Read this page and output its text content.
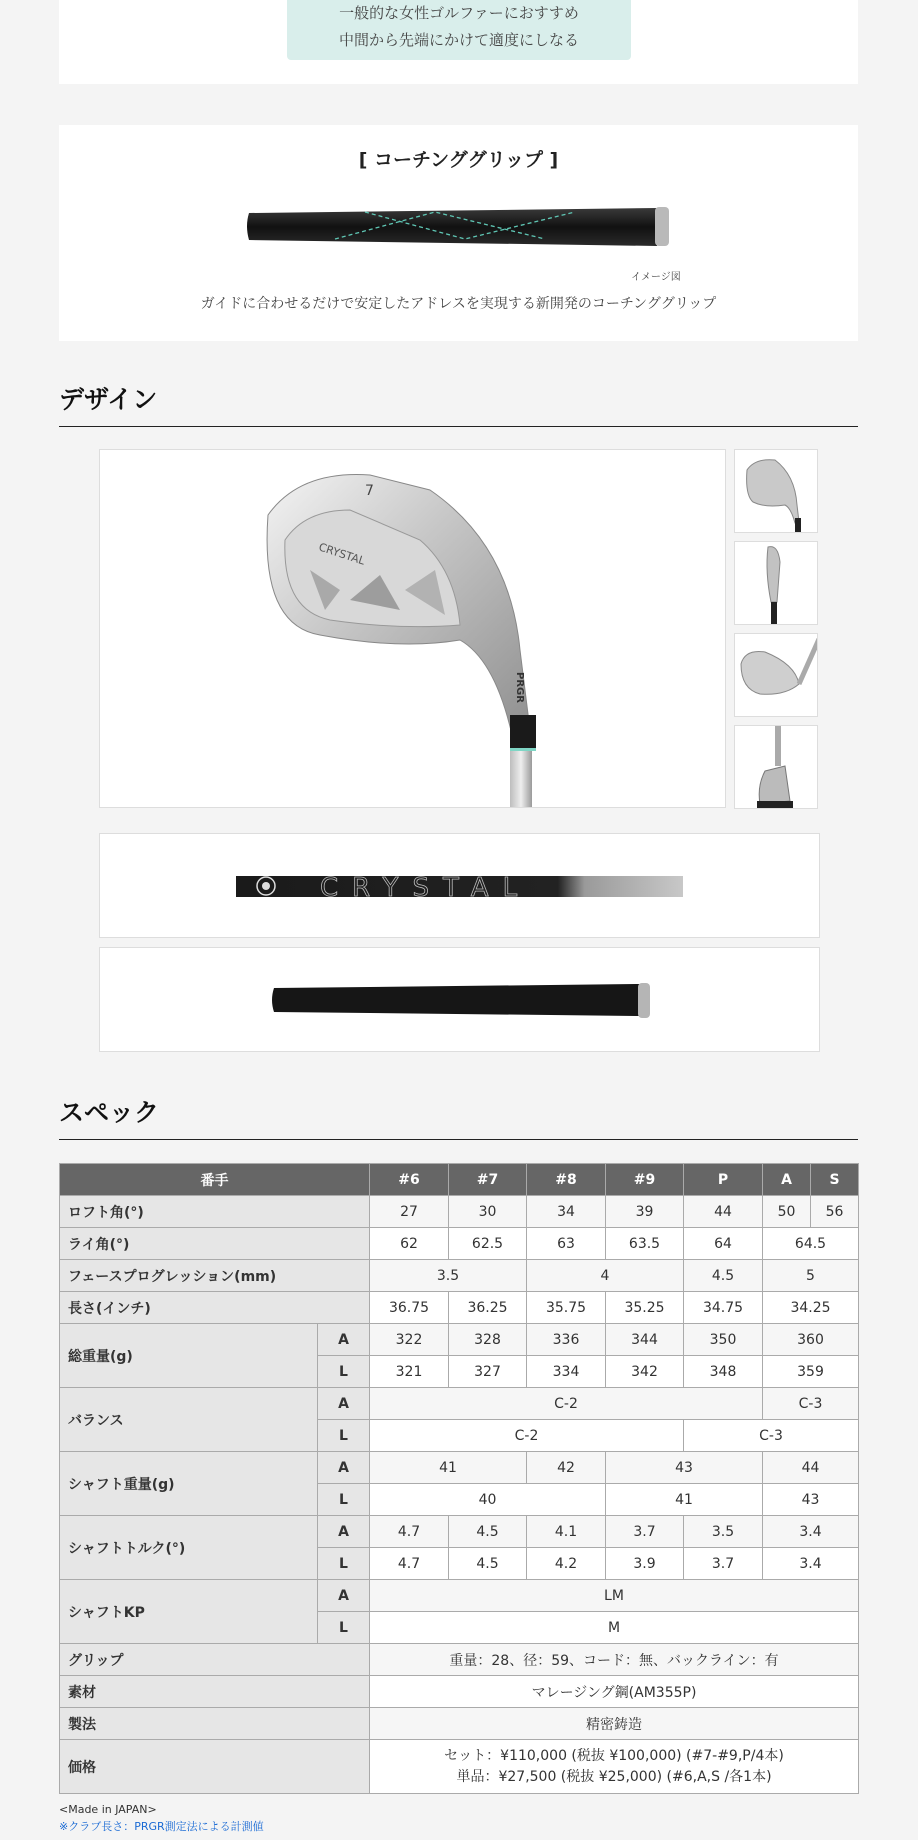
一般的な女性ゴルファーにおすすめ
中間から先端にかけて適度にしなる
[ コーチンググリップ ]
イメージ図
ガイドに合わせるだけで安定したアドレスを実現する新開発のコーチンググリップ
デザイン
CRYSTAL
7
PRGR
CRYSTAL
スペック
番手		#6	#7	#8	#9	P	A	S
ロフト角(°)		27	30	34	39	44	50	56
ライ角(°)		62	62.5	63	63.5	64	64.5	
フェースプログレッション(mm)		3.5		4		4.5	5	
長さ(インチ)		36.75	36.25	35.75	35.25	34.75	34.25	
総重量(g)	A	322	328	336	344	350	360	
	L	321	327	334	342	348	359	
バランス	A	C-2					C-3	
	L	C-2				C-3		
シャフト重量(g)	A	41		42	43		44	
	L	40			41		43	
シャフトトルク(°)	A	4.7	4.5	4.1	3.7	3.5	3.4	
	L	4.7	4.5	4.2	3.9	3.7	3.4	
シャフトKP	A	LM						
	L	M						
グリップ		重量：28、径：59、コード：無、バックライン：有						
素材		マレージング鋼(AM355P)						
製法		精密鋳造						
価格		セット：¥110,000 (税抜 ¥100,000) (#7-#9,P/4本)
単品：¥27,500 (税抜 ¥25,000) (#6,A,S /各1本)						
<Made in JAPAN>
※クラブ長さ：PRGR測定法による計測値
